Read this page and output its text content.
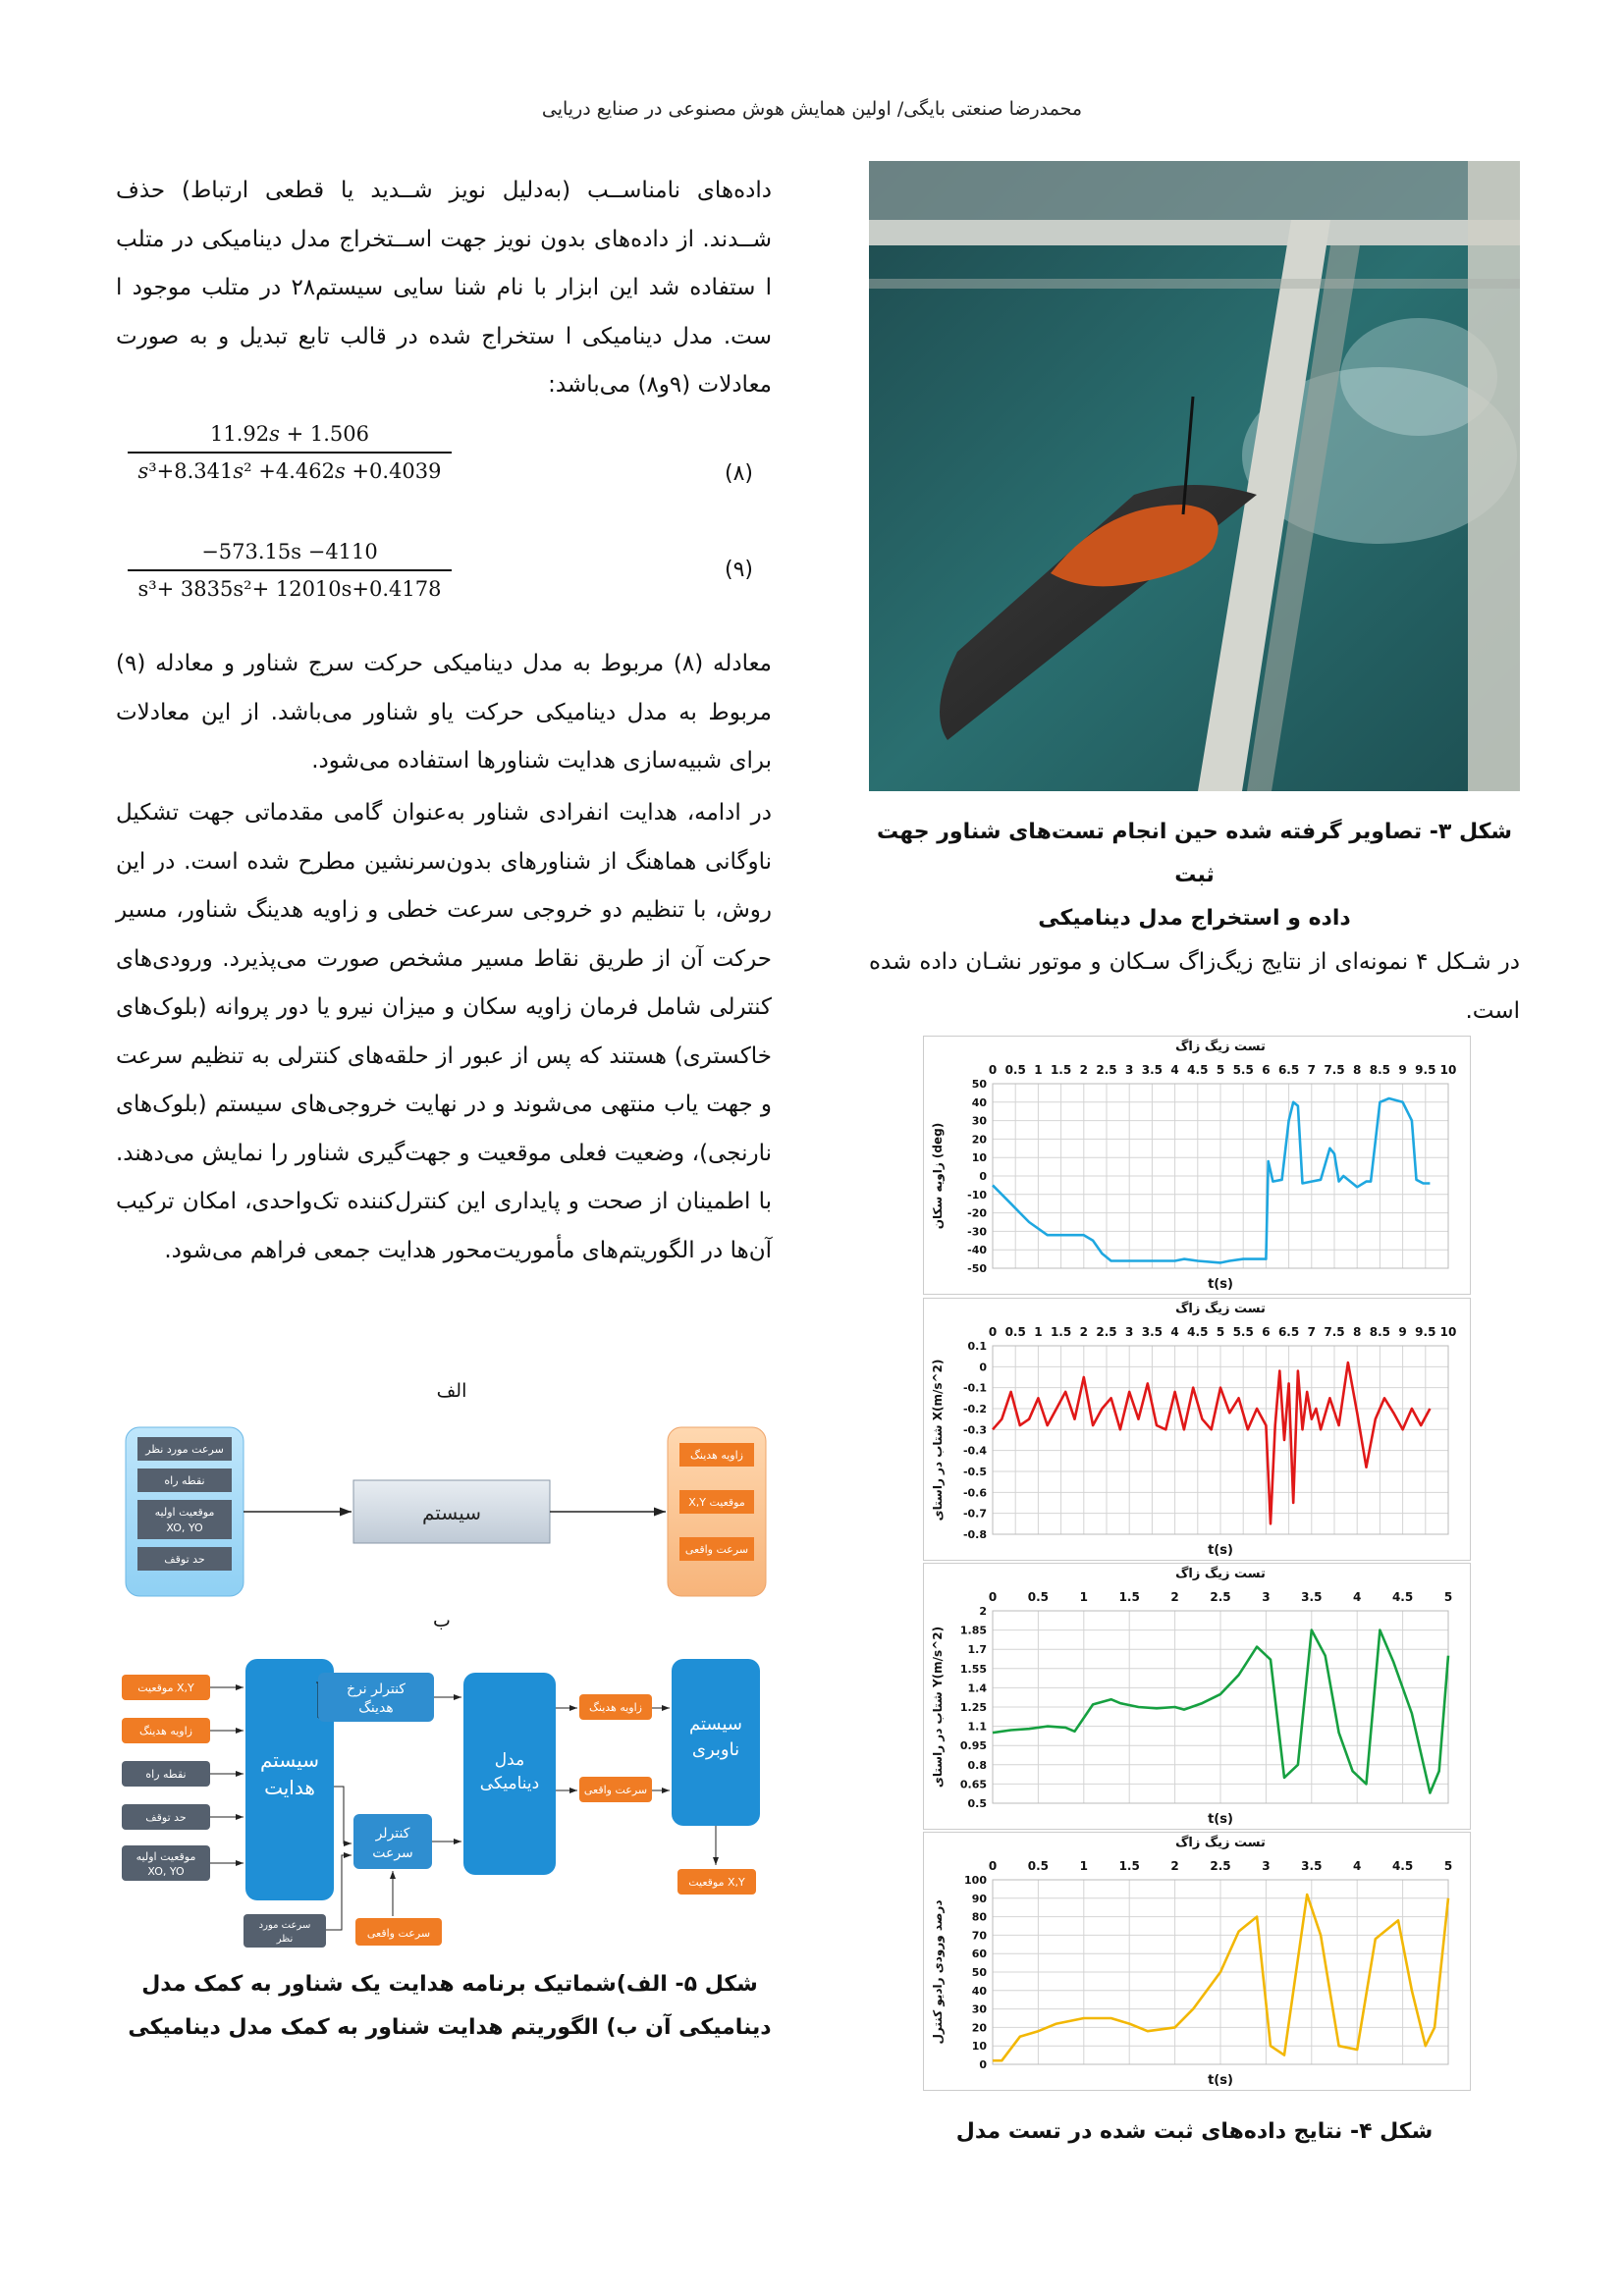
محمدرضا صنعتی بایگی/ اولین همایش هوش مصنوعی در صنایع دریایی
داده‌های نامناســب (به‌دلیل نویز شــدید یا قطعی ارتباط) حذف شــدند. از داده‌های بدون نویز جهت اســتخراج مدل دینامیکی در متلب ا ستفاده شد این ابزار با نام شنا سایی سیستم۲۸ در متلب موجود ا ست. مدل دینامیکی ا ستخراج شده در قالب تابع تبدیل و به صورت معادلات (۹و۸) می‌باشد:
11.92𝑠 + 1.506
𝑠³+8.341𝑠² +4.462𝑠 +0.4039	(۸)
−573.15s −4110
s³+ 3835s²+ 12010s+0.4178
(۹)
معادله (۸) مربوط به مدل دینامیکی حرکت سرج شناور و معادله (۹) مربوط به مدل دینامیکی حرکت یاو شناور می‌باشد. از این معادلات برای شبیه‌سازی هدایت شناورها استفاده می‌شود.
در ادامه، هدایت انفرادی شناور به‌عنوان گامی مقدماتی جهت تشکیل ناوگانی هماهنگ از شناورهای بدون‌سرنشین مطرح شده است. در این روش، با تنظیم دو خروجی سرعت خطی و زاویه هدینگ شناور، مسیر حرکت آن از طریق نقاط مسیر مشخص صورت می‌پذیرد. ورودی‌های کنترلی شامل فرمان زاویه سکان و میزان نیرو یا دور پروانه (بلوک‌های خاکستری) هستند که پس از عبور از حلقه‌های کنترلی به تنظیم سرعت و جهت یاب منتهی می‌شوند و در نهایت خروجی‌های سیستم (بلوک‌های نارنجی)، وضعیت فعلی موقعیت و جهت‌گیری شناور را نمایش می‌دهند. با اطمینان از صحت و پایداری این کنترل‌کننده تک‌واحدی، امکان ترکیب آن‌ها در الگوریتم‌های مأموریت‌محور هدایت جمعی فراهم می‌شود.
الف
سرعت مورد نظر
نقطه راه
موقعیت اولیه
XO, YO
حد توقف
سیستم
زاویه هدینگ
X,Y موقعیت
سرعت واقعی
ب
موقعیت X,Y
زاویه هدینگ
نقطه راه
حد توقف
موقعیت اولیه
XO, YO
سیستم
هدایت
کنترلر نرخ
هدینگ
کنترلر
سرعت
سرعت مورد
نظر	سرعت واقعی
مدل
دینامیکی
زاویه هدینگ
سرعت واقعی
سیستم
ناوبری
موقعیت X,Y
شکل ۵- الف)شماتیک برنامه هدایت یک شناور به کمک مدل
دینامیکی آن ب) الگوریتم هدایت شناور به کمک مدل دینامیکی
شکل ۳- تصاویر گرفته شده حین انجام تست‌های شناور جهت ثبت
داده و استخراج مدل دینامیکی
در شـکل ۴ نمونه‌ای از نتایج زیگ‌زاگ سـکان و موتور نشـان داده شده است.
تست زیگ زاگ
0 0.5 1 1.5 2 2.5 3 3.5 4 4.5 5 5.5 6 6.5 7 7.5 8 8.5 9 9.5 10
50
40
30
20
10
0
-10
-20
-30
-40
-50
زاویه سکان (deg)
t(s)
تست زیگ زاگ
0 0.5 1 1.5 2 2.5 3 3.5 4 4.5 5 5.5 6 6.5 7 7.5 8 8.5 9 9.5 10
0.1
0
-0.1
-0.2
-0.3
-0.4
-0.5
-0.6
-0.7
-0.8
شتاب در راستای X(m/s^2)
t(s)
تست زیگ زاگ
0	0.5	1	1.5	2	2.5	3	3.5	4	4.5	5
2
1.85
1.7
1.55
1.4
1.25
1.1
0.95
0.8
0.65
0.5
شتاب در راستای Y(m/s^2)
t(s)
تست زیگ زاگ
0	0.5	1	1.5	2	2.5	3	3.5	4	4.5	5
100
90
80
70
60
50
40
30
20
10
0
درصد ورودی رادیو کنترل
t(s)
شکل ۴- نتایج داده‌های ثبت شده در تست مدل
